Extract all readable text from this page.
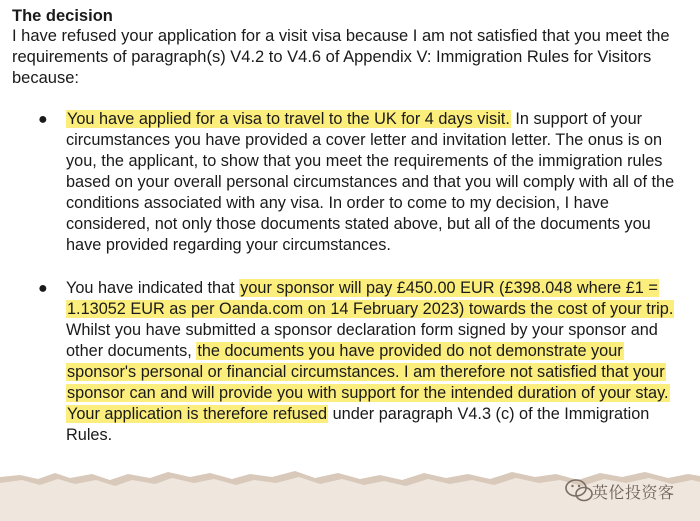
The decision
I have refused your application for a visit visa because I am not satisfied that you meet the
requirements of paragraph(s) V4.2 to V4.6 of Appendix V: Immigration Rules for Visitors
because:
● You have applied for a visa to travel to the UK for 4 days visit. In support of your
circumstances you have provided a cover letter and invitation letter. The onus is on
you, the applicant, to show that you meet the requirements of the immigration rules
based on your overall personal circumstances and that you will comply with all of the
conditions associated with any visa. In order to come to my decision, I have
considered, not only those documents stated above, but all of the documents you
have provided regarding your circumstances.
● You have indicated that your sponsor will pay £450.00 EUR (£398.048 where £1 =
1.13052 EUR as per Oanda.com on 14 February 2023) towards the cost of your trip.
Whilst you have submitted a sponsor declaration form signed by your sponsor and
other documents, the documents you have provided do not demonstrate your
sponsor's personal or financial circumstances. I am therefore not satisfied that your
sponsor can and will provide you with support for the intended duration of your stay.
Your application is therefore refused under paragraph V4.3 (c) of the Immigration
Rules.
英伦投资客
